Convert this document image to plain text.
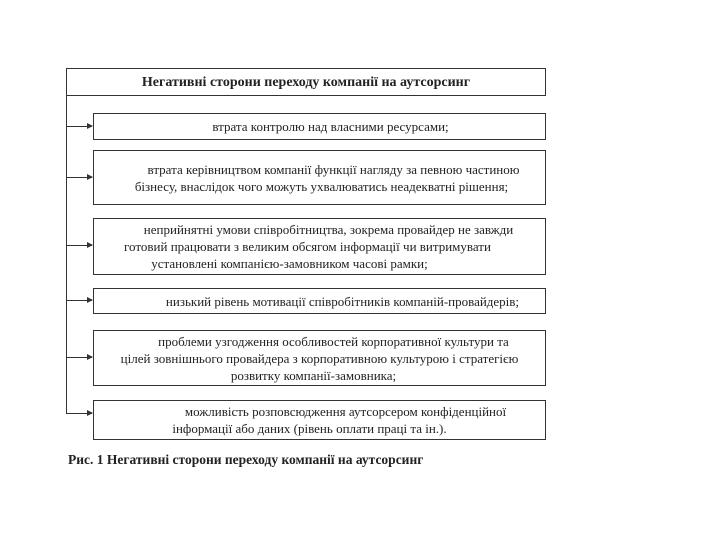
Негативні сторони переходу компанії на аутсорсинг
втрата контролю над власними ресурсами;
втрата керівництвом компанії функції нагляду за певною частиною
бізнесу, внаслідок чого можуть ухвалюватись неадекватні рішення;
неприйнятні умови співробітництва, зокрема провайдер не завжди
готовий працювати з великим обсягом інформації чи витримувати
установлені компанією-замовником часові рамки;
низький рівень мотивації співробітників компаній-провайдерів;
проблеми узгодження особливостей корпоративної культури та
цілей зовнішнього провайдера з корпоративною культурою і стратегією
розвитку компанії-замовника;
можливість розповсюдження аутсорсером конфіденційної
інформації або даних (рівень оплати праці та ін.).
Рис. 1 Негативні сторони переходу компанії на аутсорсинг
